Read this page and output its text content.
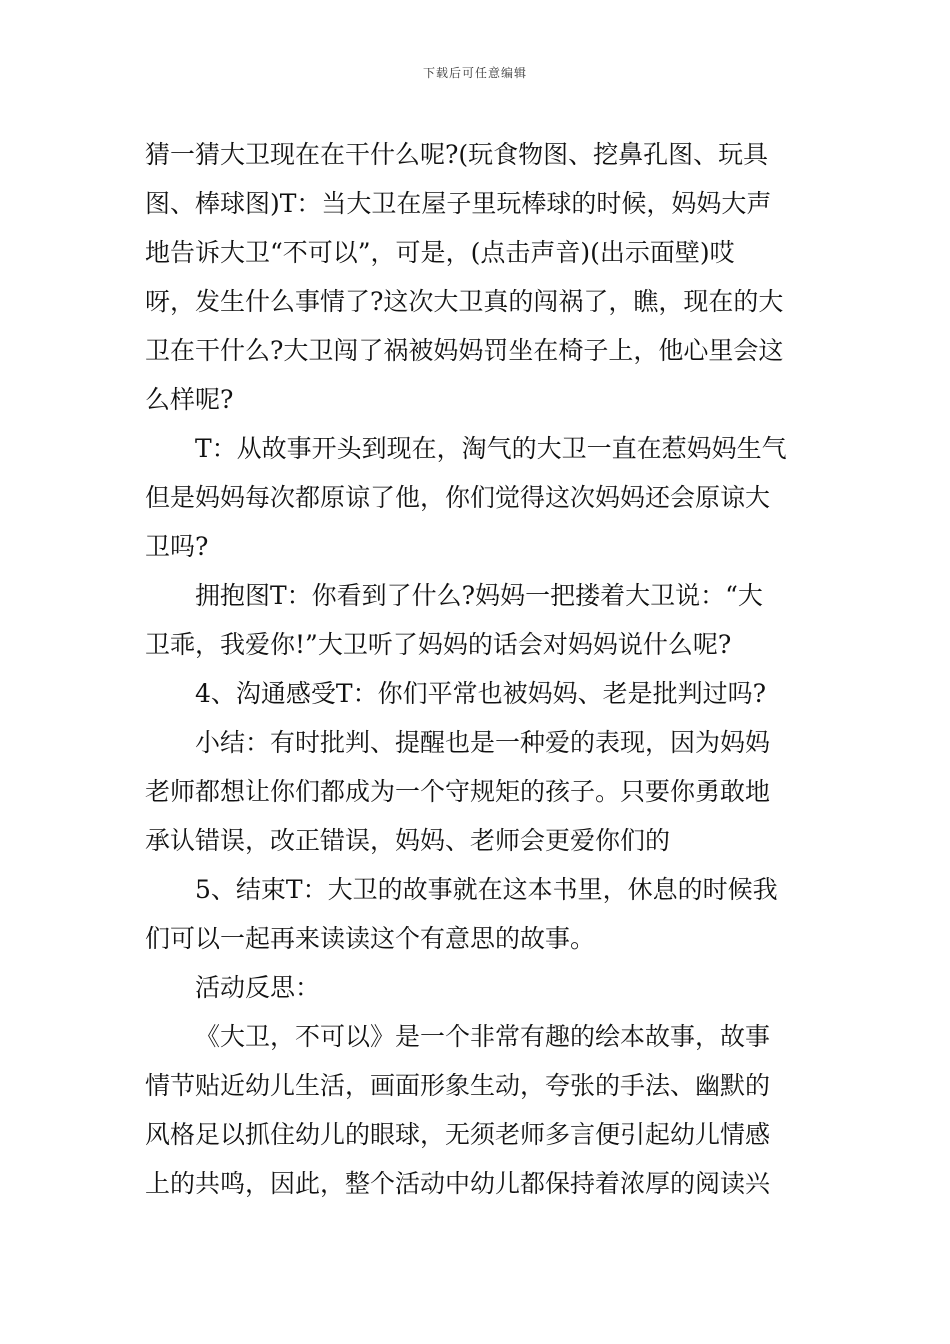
下载后可任意编辑

猜一猜大卫现在在干什么呢?(玩食物图、挖鼻孔图、玩具
图、棒球图)T：当大卫在屋子里玩棒球的时候，妈妈大声
地告诉大卫“不可以”，可是，(点击声音)(出示面壁)哎
呀，发生什么事情了?这次大卫真的闯祸了，瞧，现在的大
卫在干什么?大卫闯了祸被妈妈罚坐在椅子上，他心里会这
么样呢?

T：从故事开头到现在，淘气的大卫一直在惹妈妈生气
但是妈妈每次都原谅了他，你们觉得这次妈妈还会原谅大
卫吗?

拥抱图T：你看到了什么?妈妈一把搂着大卫说：“大
卫乖，我爱你!”大卫听了妈妈的话会对妈妈说什么呢?

4、沟通感受T：你们平常也被妈妈、老是批判过吗?

小结：有时批判、提醒也是一种爱的表现，因为妈妈
老师都想让你们都成为一个守规矩的孩子。只要你勇敢地
承认错误，改正错误，妈妈、老师会更爱你们的

5、结束T：大卫的故事就在这本书里，休息的时候我
们可以一起再来读读这个有意思的故事。

活动反思：

《大卫，不可以》是一个非常有趣的绘本故事，故事
情节贴近幼儿生活，画面形象生动，夸张的手法、幽默的
风格足以抓住幼儿的眼球，无须老师多言便引起幼儿情感
上的共鸣，因此，整个活动中幼儿都保持着浓厚的阅读兴
